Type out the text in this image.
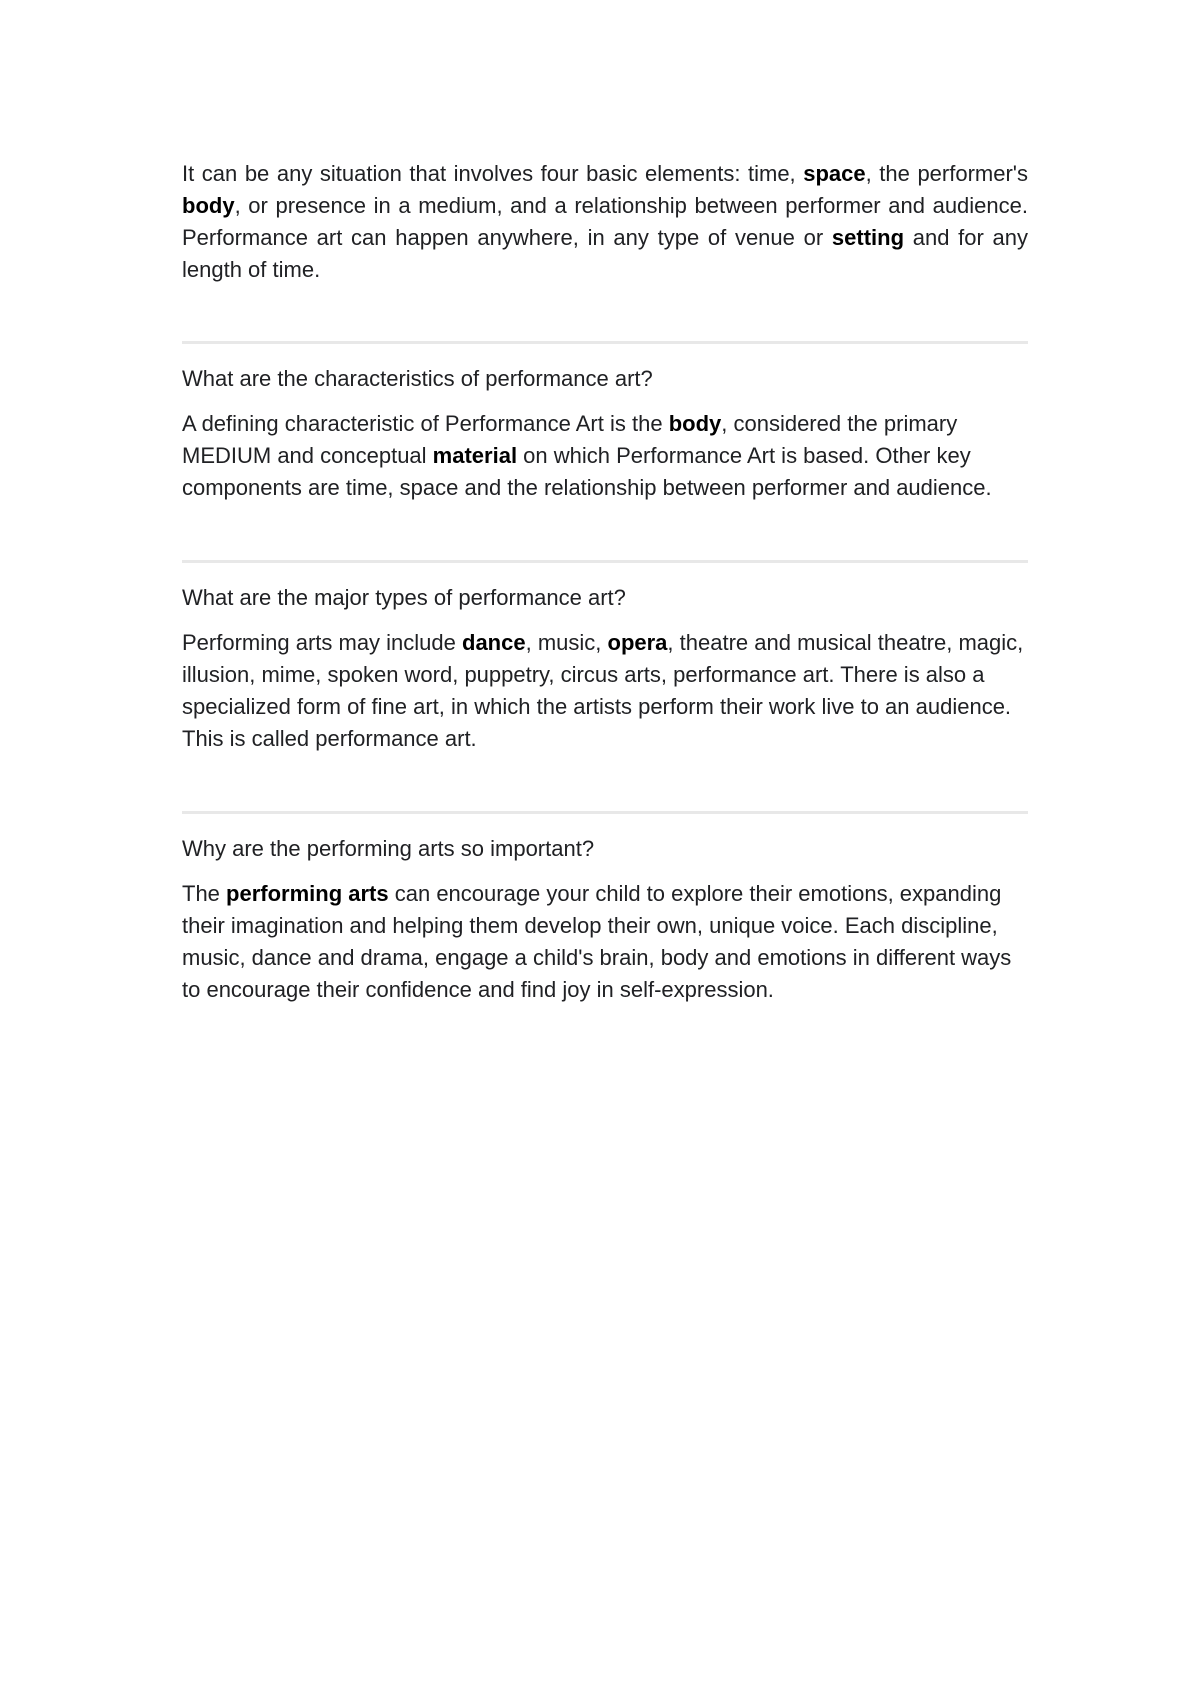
It can be any situation that involves four basic elements: time, space, the performer's body, or presence in a medium, and a relationship between performer and audience. Performance art can happen anywhere, in any type of venue or setting and for any length of time.

What are the characteristics of performance art?

A defining characteristic of Performance Art is the body, considered the primary MEDIUM and conceptual material on which Performance Art is based. Other key components are time, space and the relationship between performer and audience.

What are the major types of performance art?

Performing arts may include dance, music, opera, theatre and musical theatre, magic, illusion, mime, spoken word, puppetry, circus arts, performance art. There is also a specialized form of fine art, in which the artists perform their work live to an audience. This is called performance art.

Why are the performing arts so important?

The performing arts can encourage your child to explore their emotions, expanding their imagination and helping them develop their own, unique voice. Each discipline, music, dance and drama, engage a child's brain, body and emotions in different ways to encourage their confidence and find joy in self-expression.
